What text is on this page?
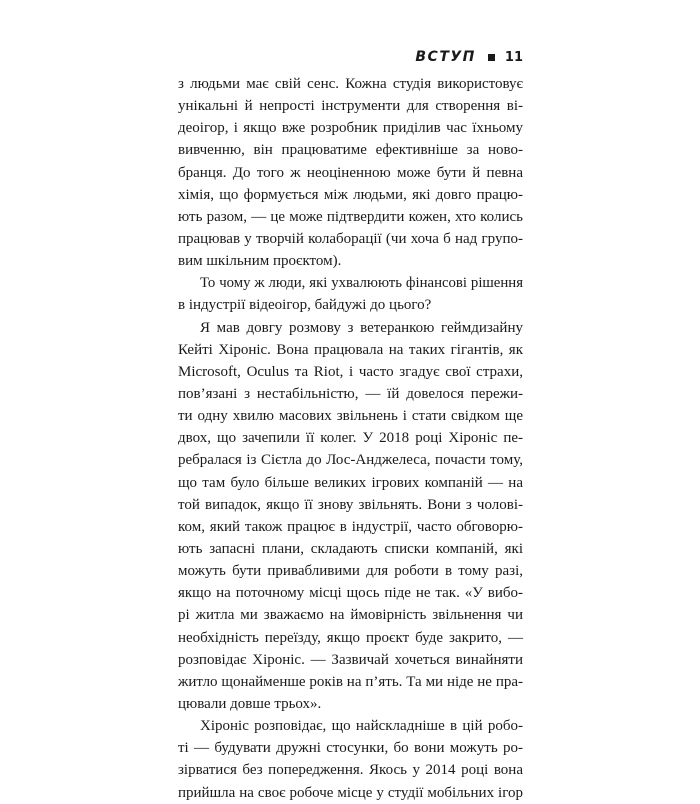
ВСТУП 11
з людьми має свій сенс. Кожна студія використовує
унікальні й непрості інструменти для створення ві-
деоігор, і якщо вже розробник приділив час їхньому
вивченню, він працюватиме ефективніше за ново-
бранця. До того ж неоціненною може бути й певна
хімія, що формується між людьми, які довго працю-
ють разом, — це може підтвердити кожен, хто колись
працював у творчій колаборації (чи хоча б над групо-
вим шкільним проєктом).
То чому ж люди, які ухвалюють фінансові рішення
в індустрії відеоігор, байдужі до цього?
Я мав довгу розмову з ветеранкою геймдизайну
Кейті Хіроніс. Вона працювала на таких гігантів, як
Microsoft, Oculus та Riot, і часто згадує свої страхи,
пов’язані з нестабільністю, — їй довелося пережи-
ти одну хвилю масових звільнень і стати свідком ще
двох, що зачепили її колег. У 2018 році Хіроніс пе-
ребралася із Сієтла до Лос-Анджелеса, почасти тому,
що там було більше великих ігрових компаній — на
той випадок, якщо її знову звільнять. Вони з чолові-
ком, який також працює в індустрії, часто обговорю-
ють запасні плани, складають списки компаній, які
можуть бути привабливими для роботи в тому разі,
якщо на поточному місці щось піде не так. «У вибо-
рі житла ми зважаємо на ймовірність звільнення чи
необхідність переїзду, якщо проєкт буде закрито, —
розповідає Хіроніс. — Зазвичай хочеться винайняти
житло щонайменше років на п’ять. Та ми ніде не пра-
цювали довше трьох».
Хіроніс розповідає, що найскладніше в цій робо-
ті — будувати дружні стосунки, бо вони можуть ро-
зірватися без попередження. Якось у 2014 році вона
прийшла на своє робоче місце у студії мобільних ігор
